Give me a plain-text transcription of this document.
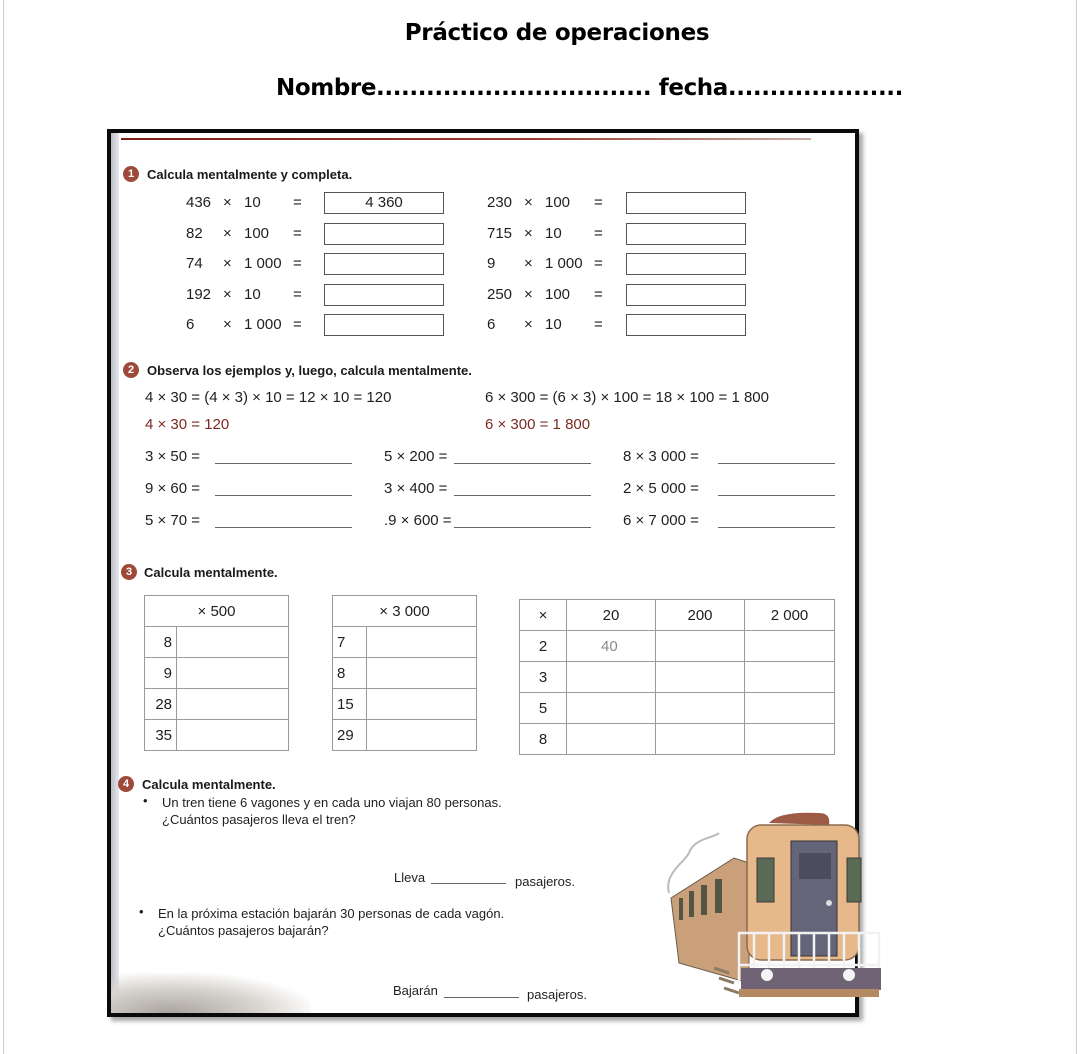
Práctico de operaciones
Nombre................................. fecha.....................
1 Calcula mentalmente y completa.
2 Observa los ejemplos y, luego, calcula mentalmente.
4 × 30 = (4 × 3) × 10 = 12 × 10 = 120
4 × 30 = 120
6 × 300 = (6 × 3) × 100 = 18 × 100 = 1 800
6 × 300 = 1 800
3 Calcula mentalmente.
× 500	
8	
9	
28	
35	
× 3 000	
7	
8	
15	
29	
×	20	200	2 000
2	40		
3			
5			
8			
4 Calcula mentalmente.
• Un tren tiene 6 vagones y en cada uno viajan 80 personas.
¿Cuántos pasajeros lleva el tren?
Lleva	pasajeros.
• En la próxima estación bajarán 30 personas de cada vagón.
¿Cuántos pasajeros bajarán?
Bajarán	pasajeros.
436 × 10 =	4 360
82 × 100 =
74 × 1 000 =
192 × 10 =
6 × 1 000 =
230 × 100 =
715 × 10 =
9 × 1 000 =
250 × 100 =
6 × 10 =
3 × 50 =	5 × 200 =	8 × 3 000 =
9 × 60 =	3 × 400 =	2 × 5 000 =
5 × 70 =	.9 × 600 =	6 × 7 000 =
